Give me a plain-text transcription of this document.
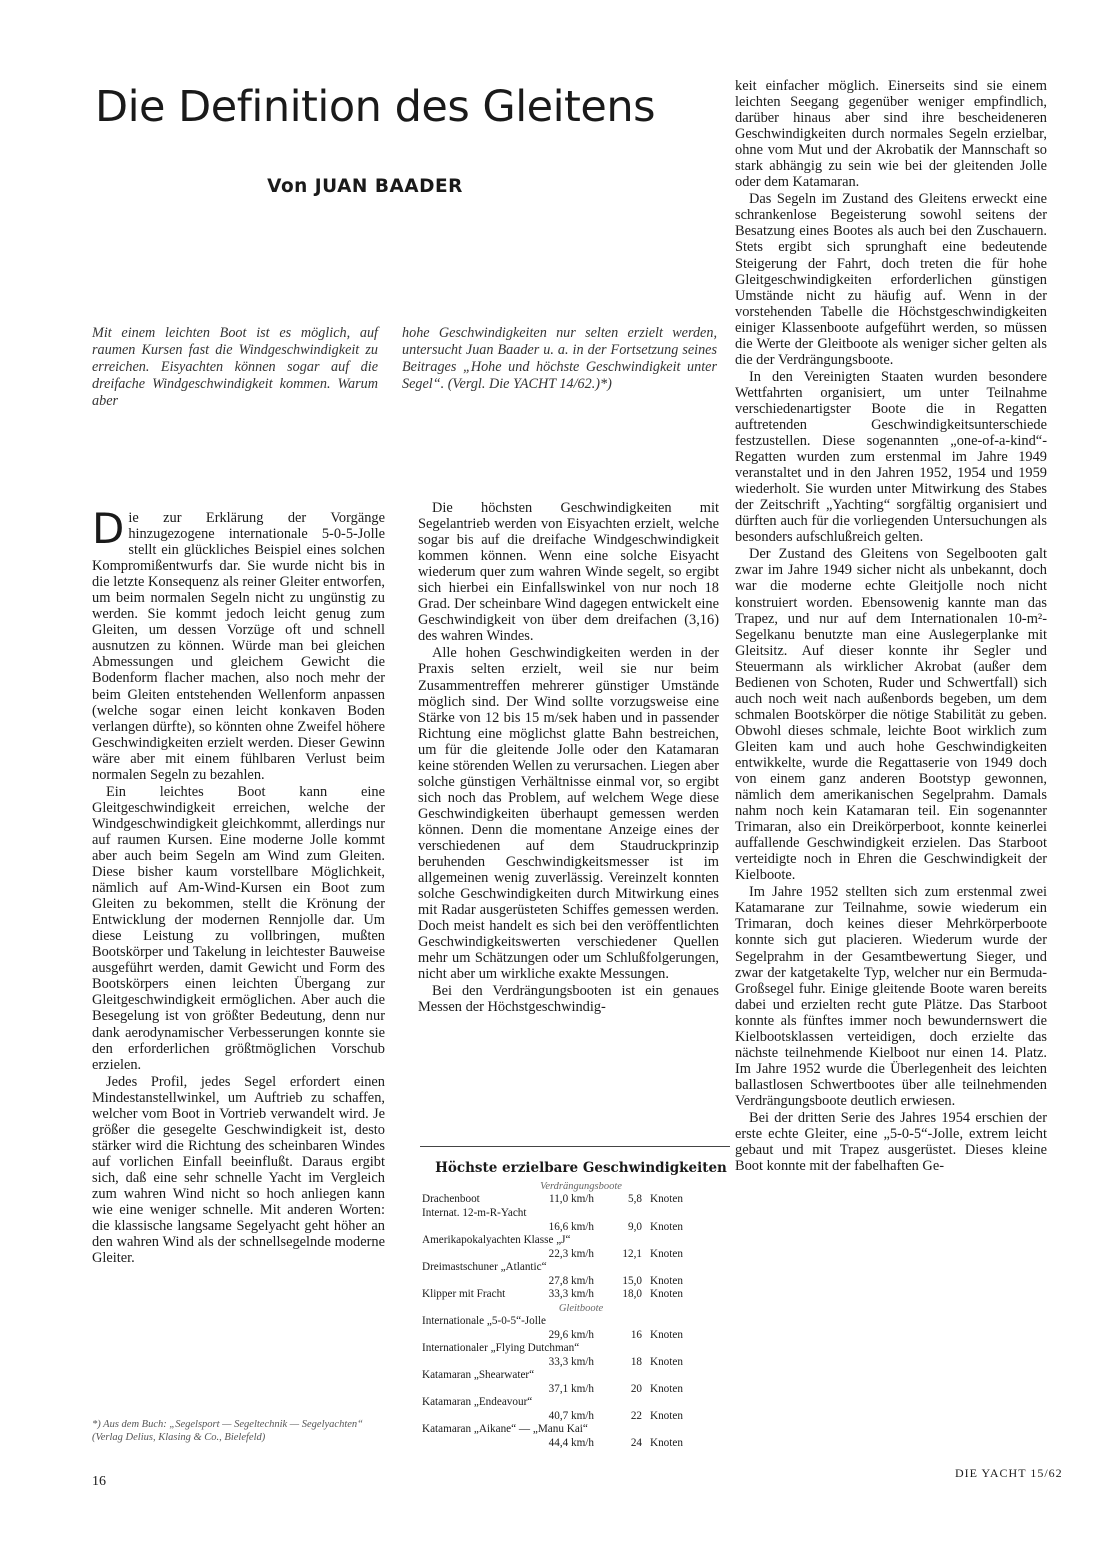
Die Definition des Gleitens

Von JUAN BAADER

Mit einem leichten Boot ist es möglich, auf raumen Kursen fast die Windgeschwindigkeit zu erreichen. Eisyachten können sogar auf die dreifache Windgeschwindigkeit kommen. Warum aber

hohe Geschwindigkeiten nur selten erzielt werden, untersucht Juan Baader u. a. in der Fortsetzung seines Beitrages „Hohe und höchste Geschwindigkeit unter Segel“. (Vergl. Die YACHT 14/62.)*)

D ie zur Erklärung der Vorgänge hinzugezogene internationale 5-0-5-Jolle stellt ein glückliches Beispiel eines solchen Kompromißentwurfs dar. Sie wurde nicht bis in die letzte Konsequenz als reiner Gleiter entworfen, um beim normalen Segeln nicht zu ungünstig zu werden. Sie kommt jedoch leicht genug zum Gleiten, um dessen Vorzüge oft und schnell ausnutzen zu können. Würde man bei gleichen Abmessungen und gleichem Gewicht die Bodenform flacher machen, also noch mehr der beim Gleiten entstehenden Wellenform anpassen (welche sogar einen leicht konkaven Boden verlangen dürfte), so könnten ohne Zweifel höhere Geschwindigkeiten erzielt werden. Dieser Gewinn wäre aber mit einem fühlbaren Verlust beim normalen Segeln zu bezahlen.

Ein leichtes Boot kann eine Gleitgeschwindigkeit erreichen, welche der Windgeschwindigkeit gleichkommt, allerdings nur auf raumen Kursen. Eine moderne Jolle kommt aber auch beim Segeln am Wind zum Gleiten. Diese bisher kaum vorstellbare Möglichkeit, nämlich auf Am-Wind-Kursen ein Boot zum Gleiten zu bekommen, stellt die Krönung der Entwicklung der modernen Rennjolle dar. Um diese Leistung zu vollbringen, mußten Bootskörper und Takelung in leichtester Bauweise ausgeführt werden, damit Gewicht und Form des Bootskörpers einen leichten Übergang zur Gleitgeschwindigkeit ermöglichen. Aber auch die Besegelung ist von größter Bedeutung, denn nur dank aerodynamischer Verbesserungen konnte sie den erforderlichen größtmöglichen Vorschub erzielen.

Jedes Profil, jedes Segel erfordert einen Mindestanstellwinkel, um Auftrieb zu schaffen, welcher vom Boot in Vortrieb verwandelt wird. Je größer die gesegelte Geschwindigkeit ist, desto stärker wird die Richtung des scheinbaren Windes auf vorlichen Einfall beeinflußt. Daraus ergibt sich, daß eine sehr schnelle Yacht im Vergleich zum wahren Wind nicht so hoch anliegen kann wie eine weniger schnelle. Mit anderen Worten: die klassische langsame Segelyacht geht höher an den wahren Wind als der schnellsegelnde moderne Gleiter.

Die höchsten Geschwindigkeiten mit Segelantrieb werden von Eisyachten erzielt, welche sogar bis auf die dreifache Windgeschwindigkeit kommen können. Wenn eine solche Eisyacht wiederum quer zum wahren Winde segelt, so ergibt sich hierbei ein Einfallswinkel von nur noch 18 Grad. Der scheinbare Wind dagegen entwickelt eine Geschwindigkeit von über dem dreifachen (3,16) des wahren Windes.

Alle hohen Geschwindigkeiten werden in der Praxis selten erzielt, weil sie nur beim Zusammentreffen mehrerer günstiger Umstände möglich sind. Der Wind sollte vorzugsweise eine Stärke von 12 bis 15 m/sek haben und in passender Richtung eine möglichst glatte Bahn bestreichen, um für die gleitende Jolle oder den Katamaran keine störenden Wellen zu verursachen. Liegen aber solche günstigen Verhältnisse einmal vor, so ergibt sich noch das Problem, auf welchem Wege diese Geschwindigkeiten überhaupt gemessen werden können. Denn die momentane Anzeige eines der verschiedenen auf dem Staudruckprinzip beruhenden Geschwindigkeitsmesser ist im allgemeinen wenig zuverlässig. Vereinzelt konnten solche Geschwindigkeiten durch Mitwirkung eines mit Radar ausgerüsteten Schiffes gemessen werden. Doch meist handelt es sich bei den veröffentlichten Geschwindigkeitswerten verschiedener Quellen mehr um Schätzungen oder um Schlußfolgerungen, nicht aber um wirkliche exakte Messungen.

Bei den Verdrängungsbooten ist ein genaues Messen der Höchstgeschwindig-

Höchste erzielbare Geschwindigkeiten

Verdrängungsboote
Drachenboot	11,0 km/h	5,8 Knoten
Internat. 12-m-R-Yacht
16,6 km/h	9,0 Knoten
Amerikapokalyachten Klasse „J“
22,3 km/h	12,1 Knoten
Dreimastschuner „Atlantic“
27,8 km/h	15,0 Knoten
Klipper mit Fracht	33,3 km/h	18,0 Knoten
Gleitboote
Internationale „5-0-5“-Jolle
29,6 km/h	16 Knoten
Internationaler „Flying Dutchman“
33,3 km/h	18 Knoten
Katamaran „Shearwater“
37,1 km/h	20 Knoten
Katamaran „Endeavour“
40,7 km/h	22 Knoten
Katamaran „Aikane“ — „Manu Kai“
44,4 km/h	24 Knoten

keit einfacher möglich. Einerseits sind sie einem leichten Seegang gegenüber weniger empfindlich, darüber hinaus aber sind ihre bescheideneren Geschwindigkeiten durch normales Segeln erzielbar, ohne vom Mut und der Akrobatik der Mannschaft so stark abhängig zu sein wie bei der gleitenden Jolle oder dem Katamaran.

Das Segeln im Zustand des Gleitens erweckt eine schrankenlose Begeisterung sowohl seitens der Besatzung eines Bootes als auch bei den Zuschauern. Stets ergibt sich sprunghaft eine bedeutende Steigerung der Fahrt, doch treten die für hohe Gleitgeschwindigkeiten erforderlichen günstigen Umstände nicht zu häufig auf. Wenn in der vorstehenden Tabelle die Höchstgeschwindigkeiten einiger Klassenboote aufgeführt werden, so müssen die Werte der Gleitboote als weniger sicher gelten als die der Verdrängungsboote.

In den Vereinigten Staaten wurden besondere Wettfahrten organisiert, um unter Teilnahme verschiedenartigster Boote die in Regatten auftretenden Geschwindigkeitsunterschiede festzustellen. Diese sogenannten „one-of-a-kind“-Regatten wurden zum erstenmal im Jahre 1949 veranstaltet und in den Jahren 1952, 1954 und 1959 wiederholt. Sie wurden unter Mitwirkung des Stabes der Zeitschrift „Yachting“ sorgfältig organisiert und dürften auch für die vorliegenden Untersuchungen als besonders aufschlußreich gelten.

Der Zustand des Gleitens von Segelbooten galt zwar im Jahre 1949 sicher nicht als unbekannt, doch war die moderne echte Gleitjolle noch nicht konstruiert worden. Ebensowenig kannte man das Trapez, und nur auf dem Internationalen 10-m²-Segelkanu benutzte man eine Auslegerplanke mit Gleitsitz. Auf dieser konnte ihr Segler und Steuermann als wirklicher Akrobat (außer dem Bedienen von Schoten, Ruder und Schwertfall) sich auch noch weit nach außenbords begeben, um dem schmalen Bootskörper die nötige Stabilität zu geben. Obwohl dieses schmale, leichte Boot wirklich zum Gleiten kam und auch hohe Geschwindigkeiten entwikkelte, wurde die Regattaserie von 1949 doch von einem ganz anderen Bootstyp gewonnen, nämlich dem amerikanischen Segelprahm. Damals nahm noch kein Katamaran teil. Ein sogenannter Trimaran, also ein Dreikörperboot, konnte keinerlei auffallende Geschwindigkeit erzielen. Das Starboot verteidigte noch in Ehren die Geschwindigkeit der Kielboote.

Im Jahre 1952 stellten sich zum erstenmal zwei Katamarane zur Teilnahme, sowie wiederum ein Trimaran, doch keines dieser Mehrkörperboote konnte sich gut placieren. Wiederum wurde der Segelprahm in der Gesamtbewertung Sieger, und zwar der katgetakelte Typ, welcher nur ein Bermuda-Großsegel fuhr. Einige gleitende Boote waren bereits dabei und erzielten recht gute Plätze. Das Starboot konnte als fünftes immer noch bewundernswert die Kielbootsklassen verteidigen, doch erzielte das nächste teilnehmende Kielboot nur einen 14. Platz. Im Jahre 1952 wurde die Überlegenheit des leichten ballastlosen Schwertbootes über alle teilnehmenden Verdrängungsboote deutlich erwiesen.

Bei der dritten Serie des Jahres 1954 erschien der erste echte Gleiter, eine „5-0-5“-Jolle, extrem leicht gebaut und mit Trapez ausgerüstet. Dieses kleine Boot konnte mit der fabelhaften Ge-

*) Aus dem Buch: „Segelsport — Segeltechnik — Segelyachten“ (Verlag Delius, Klasing & Co., Bielefeld)

16

DIE YACHT 15/62
